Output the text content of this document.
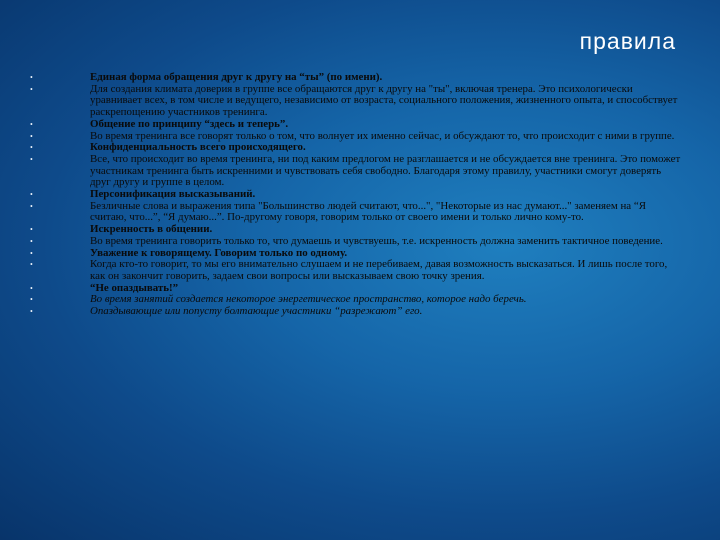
правила
•	Единая форма обращения друг к другу на “ты” (по имени).
•	Для создания климата доверия в группе все обращаются друг к другу на "ты", включая тренера. Это психологически уравнивает всех, в том числе и ведущего, независимо от возраста, социального положения, жизненного опыта, и способствует раскрепощению участников тренинга.
•	Общение по принципу “здесь и теперь”.
•	Во время тренинга все говорят только о том, что волнует их именно сейчас, и обсуждают то, что происходит с ними в группе.
•	Конфиденциальность всего происходящего.
•	Все, что происходит во время тренинга, ни под каким предлогом не разглашается и не обсуждается вне тренинга. Это поможет участникам тренинга быть искренними и чувствовать себя свободно. Благодаря этому правилу, участники смогут доверять друг другу и группе в целом.
•	Персонификация высказываний.
•	Безличные слова и выражения типа "Большинство людей считают, что...", "Некоторые из нас думают..." заменяем на “Я считаю, что...”, “Я думаю...”. По-другому говоря, говорим только от своего имени и только лично кому-то.
•	Искренность в общении.
•	Во время тренинга говорить только то, что думаешь и чувствуешь, т.е. искренность должна заменить тактичное поведение.
•	Уважение к говорящему. Говорим только по одному.
•	Когда кто-то говорит, то мы его внимательно слушаем и не перебиваем, давая возможность высказаться. И лишь после того, как он закончит говорить, задаем свои вопросы или высказываем свою точку зрения.
•	“Не опаздывать!”
•	Во время занятий создается некоторое энергетическое пространство, которое надо беречь.
•	Опаздывающие или попусту болтающие участники “разрежают” его.
